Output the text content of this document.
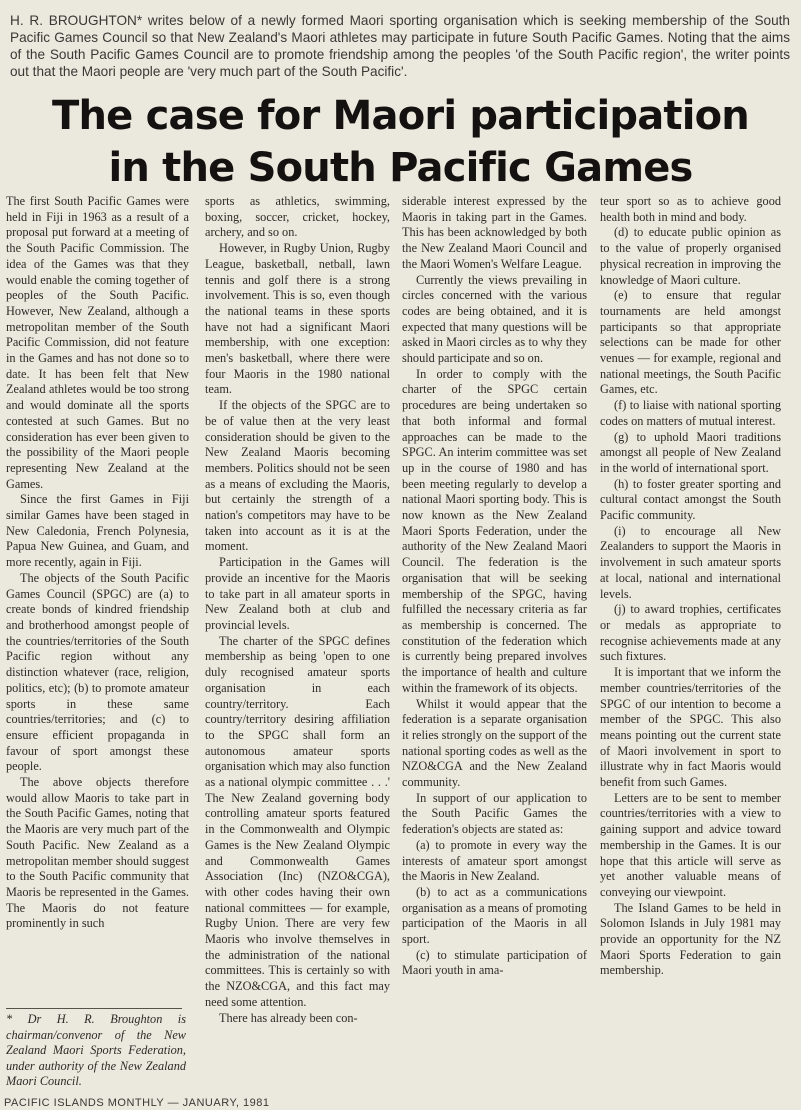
H. R. BROUGHTON* writes below of a newly formed Maori sporting organisation which is seeking membership of the South Pacific Games Council so that New Zealand's Maori athletes may participate in future South Pacific Games. Noting that the aims of the South Pacific Games Council are to promote friendship among the peoples 'of the South Pacific region', the writer points out that the Maori people are 'very much part of the South Pacific'.
The case for Maori participation
in the South Pacific Games

The first South Pacific Games were held in Fiji in 1963 as a result of a proposal put forward at a meeting of the South Pacific Commission. The idea of the Games was that they would enable the coming together of peoples of the South Pacific. However, New Zealand, although a metropolitan member of the South Pacific Commission, did not feature in the Games and has not done so to date. It has been felt that New Zealand athletes would be too strong and would dominate all the sports contested at such Games. But no consideration has ever been given to the possibility of the Maori people representing New Zealand at the Games.

Since the first Games in Fiji similar Games have been staged in New Caledonia, French Polynesia, Papua New Guinea, and Guam, and more recently, again in Fiji.

The objects of the South Pacific Games Council (SPGC) are (a) to create bonds of kindred friendship and brotherhood amongst people of the countries/territories of the South Pacific region without any distinction whatever (race, religion, politics, etc); (b) to promote amateur sports in these same countries/territories; and (c) to ensure efficient propaganda in favour of sport amongst these people.

The above objects therefore would allow Maoris to take part in the South Pacific Games, noting that the Maoris are very much part of the South Pacific. New Zealand as a metropolitan member should suggest to the South Pacific community that Maoris be represented in the Games. The Maoris do not feature prominently in such

sports as athletics, swimming, boxing, soccer, cricket, hockey, archery, and so on.

However, in Rugby Union, Rugby League, basketball, netball, lawn tennis and golf there is a strong involvement. This is so, even though the national teams in these sports have not had a significant Maori membership, with one exception: men's basketball, where there were four Maoris in the 1980 national team.

If the objects of the SPGC are to be of value then at the very least consideration should be given to the New Zealand Maoris becoming members. Politics should not be seen as a means of excluding the Maoris, but certainly the strength of a nation's competitors may have to be taken into account as it is at the moment.

Participation in the Games will provide an incentive for the Maoris to take part in all amateur sports in New Zealand both at club and provincial levels.

The charter of the SPGC defines membership as being 'open to one duly recognised amateur sports organisation in each country/territory. Each country/territory desiring affiliation to the SPGC shall form an autonomous amateur sports organisation which may also function as a national olympic committee . . .' The New Zealand governing body controlling amateur sports featured in the Commonwealth and Olympic Games is the New Zealand Olympic and Commonwealth Games Association (Inc) (NZO&CGA), with other codes having their own national committees — for example, Rugby Union. There are very few Maoris who involve themselves in the administration of the national committees. This is certainly so with the NZO&CGA, and this fact may need some attention.

There has already been con-

siderable interest expressed by the Maoris in taking part in the Games. This has been acknowledged by both the New Zealand Maori Council and the Maori Women's Welfare League.

Currently the views prevailing in circles concerned with the various codes are being obtained, and it is expected that many questions will be asked in Maori circles as to why they should participate and so on.

In order to comply with the charter of the SPGC certain procedures are being undertaken so that both informal and formal approaches can be made to the SPGC. An interim committee was set up in the course of 1980 and has been meeting regularly to develop a national Maori sporting body. This is now known as the New Zealand Maori Sports Federation, under the authority of the New Zealand Maori Council. The federation is the organisation that will be seeking membership of the SPGC, having fulfilled the necessary criteria as far as membership is concerned. The constitution of the federation which is currently being prepared involves the importance of health and culture within the framework of its objects.

Whilst it would appear that the federation is a separate organisation it relies strongly on the support of the national sporting codes as well as the NZO&CGA and the New Zealand community.

In support of our application to the South Pacific Games the federation's objects are stated as:

(a) to promote in every way the interests of amateur sport amongst the Maoris in New Zealand.

(b) to act as a communications organisation as a means of promoting participation of the Maoris in all sport.

(c) to stimulate participation of Maori youth in ama-

teur sport so as to achieve good health both in mind and body.

(d) to educate public opinion as to the value of properly organised physical recreation in improving the knowledge of Maori culture.

(e) to ensure that regular tournaments are held amongst participants so that appropriate selections can be made for other venues — for example, regional and national meetings, the South Pacific Games, etc.

(f) to liaise with national sporting codes on matters of mutual interest.

(g) to uphold Maori traditions amongst all people of New Zealand in the world of international sport.

(h) to foster greater sporting and cultural contact amongst the South Pacific community.

(i) to encourage all New Zealanders to support the Maoris in involvement in such amateur sports at local, national and international levels.

(j) to award trophies, certificates or medals as appropriate to recognise achievements made at any such fixtures.

It is important that we inform the member countries/territories of the SPGC of our intention to become a member of the SPGC. This also means pointing out the current state of Maori involvement in sport to illustrate why in fact Maoris would benefit from such Games.

Letters are to be sent to member countries/territories with a view to gaining support and advice toward membership in the Games. It is our hope that this article will serve as yet another valuable means of conveying our viewpoint.

The Island Games to be held in Solomon Islands in July 1981 may provide an opportunity for the NZ Maori Sports Federation to gain membership.

* Dr H. R. Broughton is chairman/convenor of the New Zealand Maori Sports Federation, under authority of the New Zealand Maori Council.
PACIFIC ISLANDS MONTHLY — JANUARY, 1981
